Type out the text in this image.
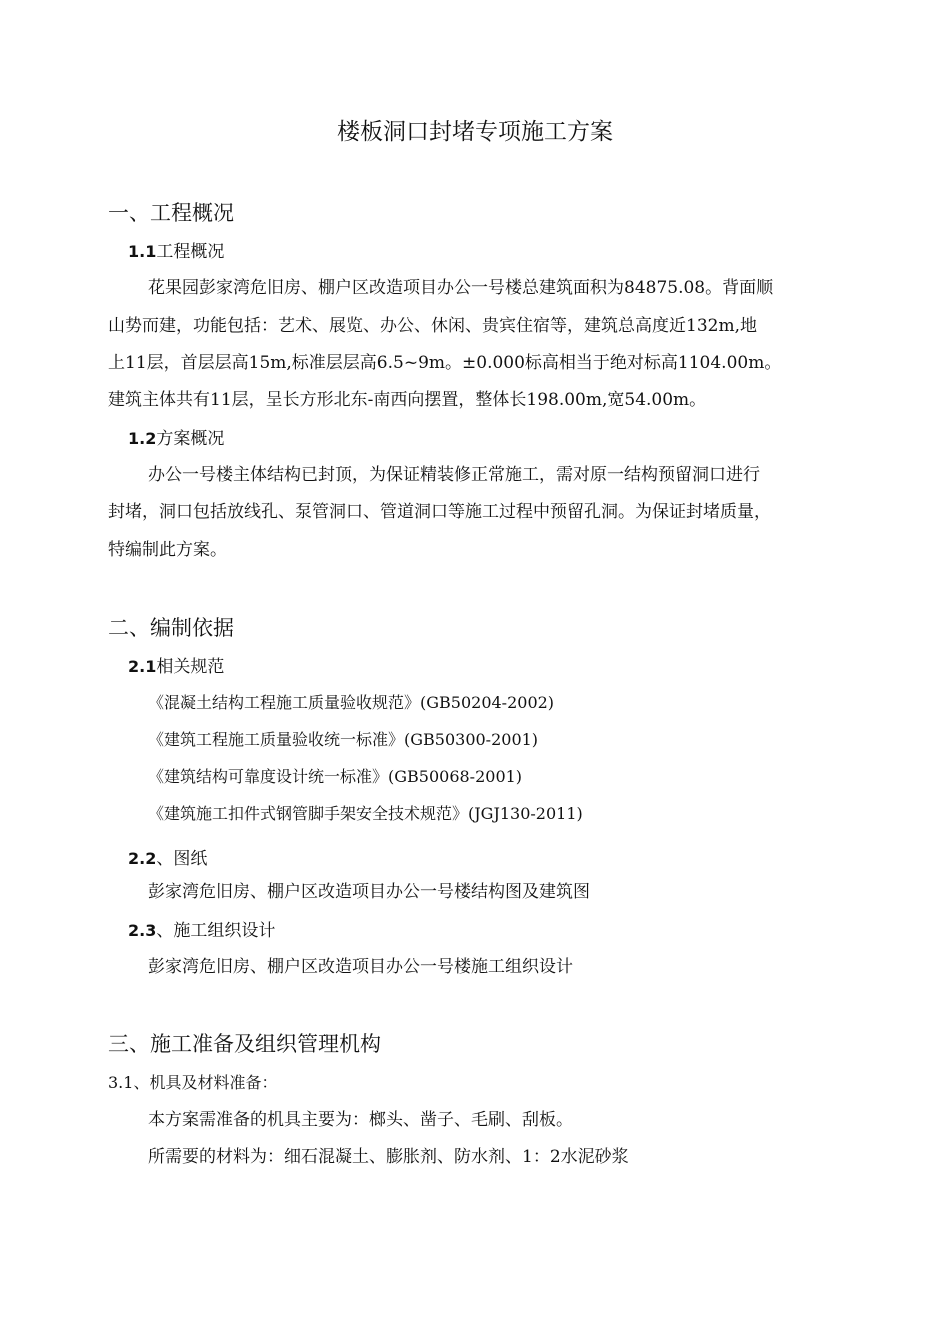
楼板洞口封堵专项施工方案
一、工程概况
1.1工程概况
花果园彭家湾危旧房、棚户区改造项目办公一号楼总建筑面积为84875.08。背面顺
山势而建，功能包括：艺术、展览、办公、休闲、贵宾住宿等，建筑总高度近132m,地
上11层，首层层高15m,标准层层高6.5~9m。±0.000标高相当于绝对标高1104.00m。
建筑主体共有11层，呈长方形北东-南西向摆置，整体长198.00m,宽54.00m。
1.2方案概况
办公一号楼主体结构已封顶，为保证精装修正常施工，需对原一结构预留洞口进行
封堵，洞口包括放线孔、泵管洞口、管道洞口等施工过程中预留孔洞。为保证封堵质量，
特编制此方案。
二、编制依据
2.1相关规范
《混凝土结构工程施工质量验收规范》(GB50204-2002)
《建筑工程施工质量验收统一标准》(GB50300-2001)
《建筑结构可靠度设计统一标准》(GB50068-2001)
《建筑施工扣件式钢管脚手架安全技术规范》(JGJ130-2011)
2.2、图纸
彭家湾危旧房、棚户区改造项目办公一号楼结构图及建筑图
2.3、施工组织设计
彭家湾危旧房、棚户区改造项目办公一号楼施工组织设计
三、施工准备及组织管理机构
3.1、机具及材料准备：
本方案需准备的机具主要为：榔头、凿子、毛刷、刮板。
所需要的材料为：细石混凝土、膨胀剂、防水剂、1：2水泥砂浆
